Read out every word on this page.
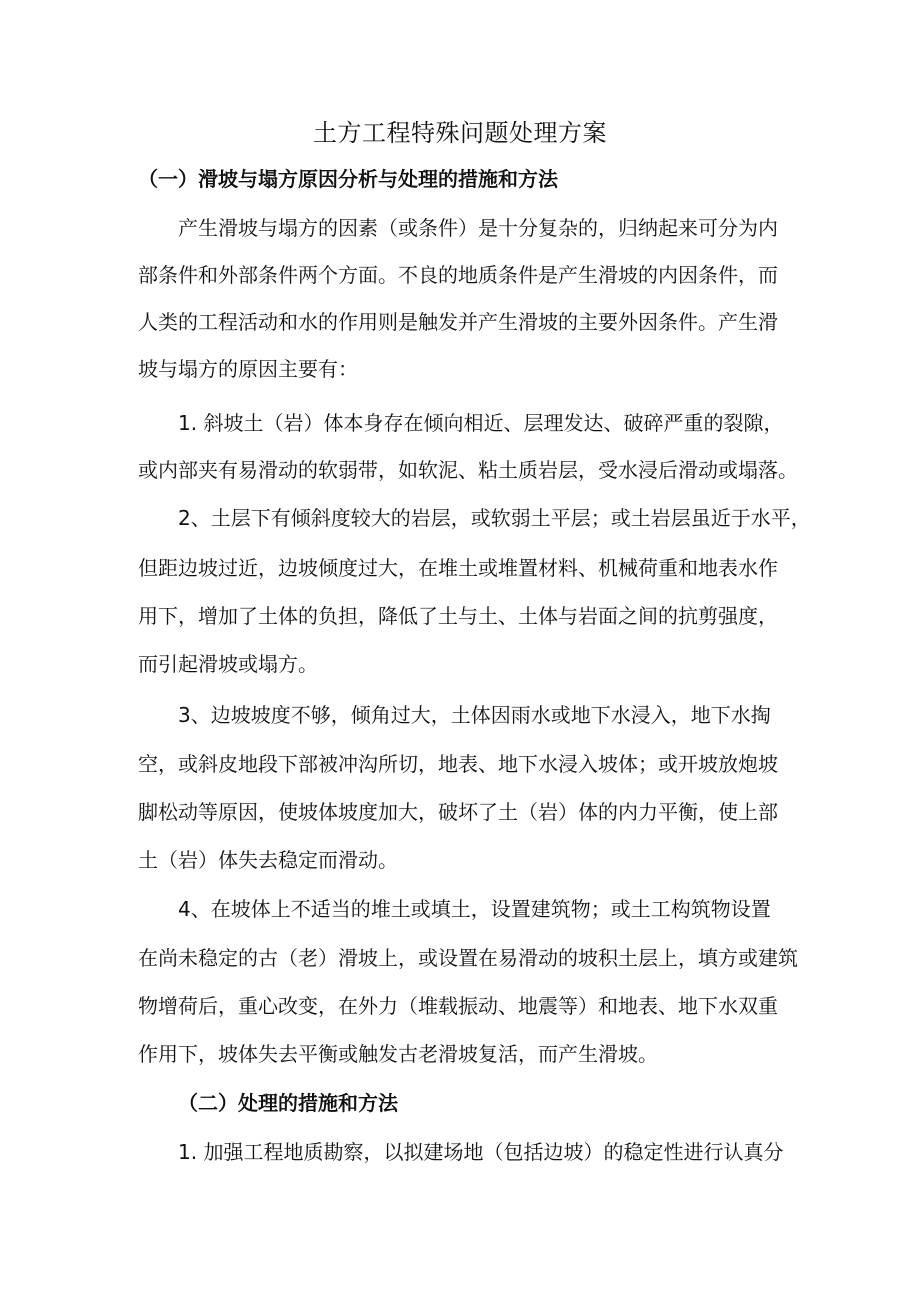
土方工程特殊问题处理方案
（一）滑坡与塌方原因分析与处理的措施和方法

产生滑坡与塌方的因素（或条件）是十分复杂的，归纳起来可分为内

部条件和外部条件两个方面。不良的地质条件是产生滑坡的内因条件，而

人类的工程活动和水的作用则是触发并产生滑坡的主要外因条件。产生滑

坡与塌方的原因主要有：

1. 斜坡土（岩）体本身存在倾向相近、层理发达、破碎严重的裂隙，

或内部夹有易滑动的软弱带，如软泥、粘土质岩层，受水浸后滑动或塌落。

2、土层下有倾斜度较大的岩层，或软弱土平层；或土岩层虽近于水平，

但距边坡过近，边坡倾度过大，在堆土或堆置材料、机械荷重和地表水作

用下，增加了土体的负担，降低了土与土、土体与岩面之间的抗剪强度，

而引起滑坡或塌方。

3、边坡坡度不够，倾角过大，土体因雨水或地下水浸入，地下水掏

空，或斜皮地段下部被冲沟所切，地表、地下水浸入坡体；或开坡放炮坡

脚松动等原因，使坡体坡度加大，破坏了土（岩）体的内力平衡，使上部

土（岩）体失去稳定而滑动。

4、在坡体上不适当的堆土或填土，设置建筑物；或土工构筑物设置

在尚未稳定的古（老）滑坡上，或设置在易滑动的坡积土层上，填方或建筑

物增荷后，重心改变，在外力（堆载振动、地震等）和地表、地下水双重

作用下，坡体失去平衡或触发古老滑坡复活，而产生滑坡。

（二）处理的措施和方法

1. 加强工程地质勘察，以拟建场地（包括边坡）的稳定性进行认真分
